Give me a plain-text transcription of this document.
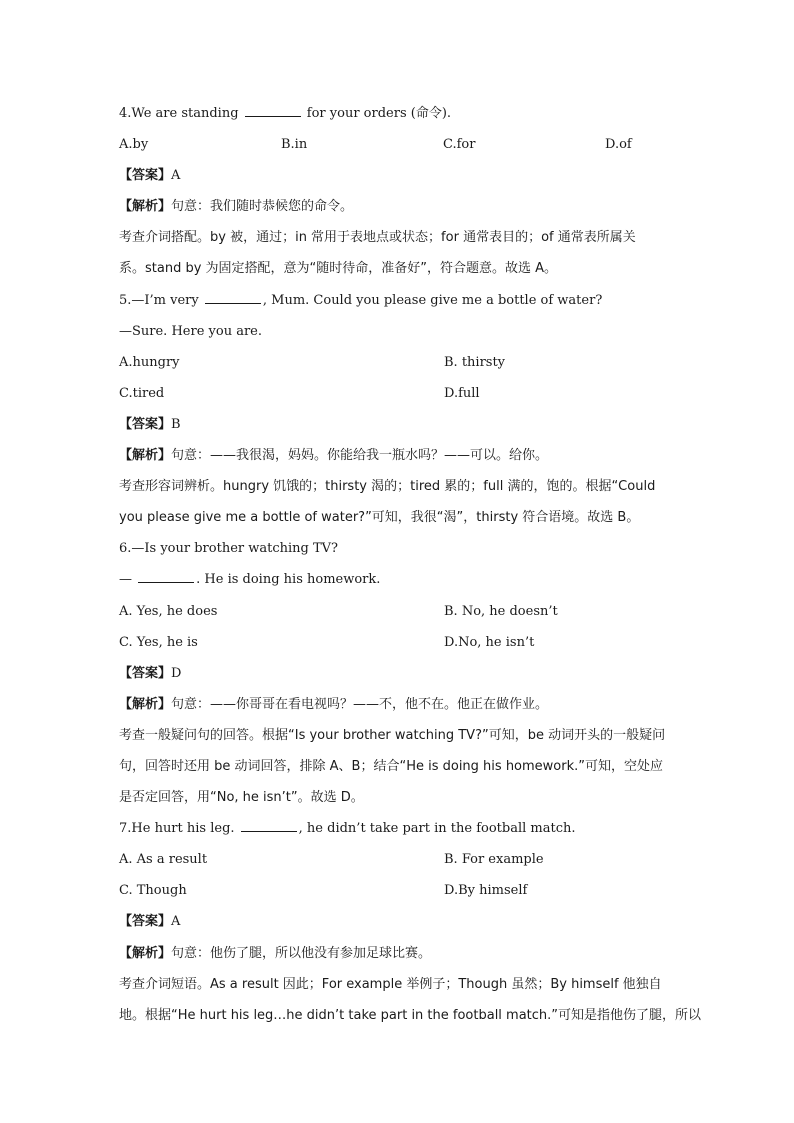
4.We are standing	for your orders (命令).
A.by	B.in	C.for	D.of
【答案】A
【解析】句意：我们随时恭候您的命令。
考查介词搭配。by 被，通过；in 常用于表地点或状态；for 通常表目的；of 通常表所属关
系。stand by 为固定搭配，意为“随时待命，准备好”，符合题意。故选 A。
5.—I’m very	, Mum. Could you please give me a bottle of water?
—Sure. Here you are.
A.hungry	B. thirsty
C.tired	D.full
【答案】B
【解析】句意：——我很渴，妈妈。你能给我一瓶水吗？——可以。给你。
考查形容词辨析。hungry 饥饿的；thirsty 渴的；tired 累的；full 满的，饱的。根据“Could
you please give me a bottle of water?”可知，我很“渴”，thirsty 符合语境。故选 B。
6.—Is your brother watching TV?
—	. He is doing his homework.
A. Yes, he does	B. No, he doesn’t
C. Yes, he is	D.No, he isn’t
【答案】D
【解析】句意：——你哥哥在看电视吗？——不，他不在。他正在做作业。
考查一般疑问句的回答。根据“Is your brother watching TV?”可知，be 动词开头的一般疑问
句，回答时还用 be 动词回答，排除 A、B；结合“He is doing his homework.”可知，空处应
是否定回答，用“No, he isn’t”。故选 D。
7.He hurt his leg.	, he didn’t take part in the football match.
A. As a result	B. For example
C. Though	D.By himself
【答案】A
【解析】句意：他伤了腿，所以他没有参加足球比赛。
考查介词短语。As a result 因此；For example 举例子；Though 虽然；By himself 他独自
地。根据“He hurt his leg…he didn’t take part in the football match.”可知是指他伤了腿，所以
